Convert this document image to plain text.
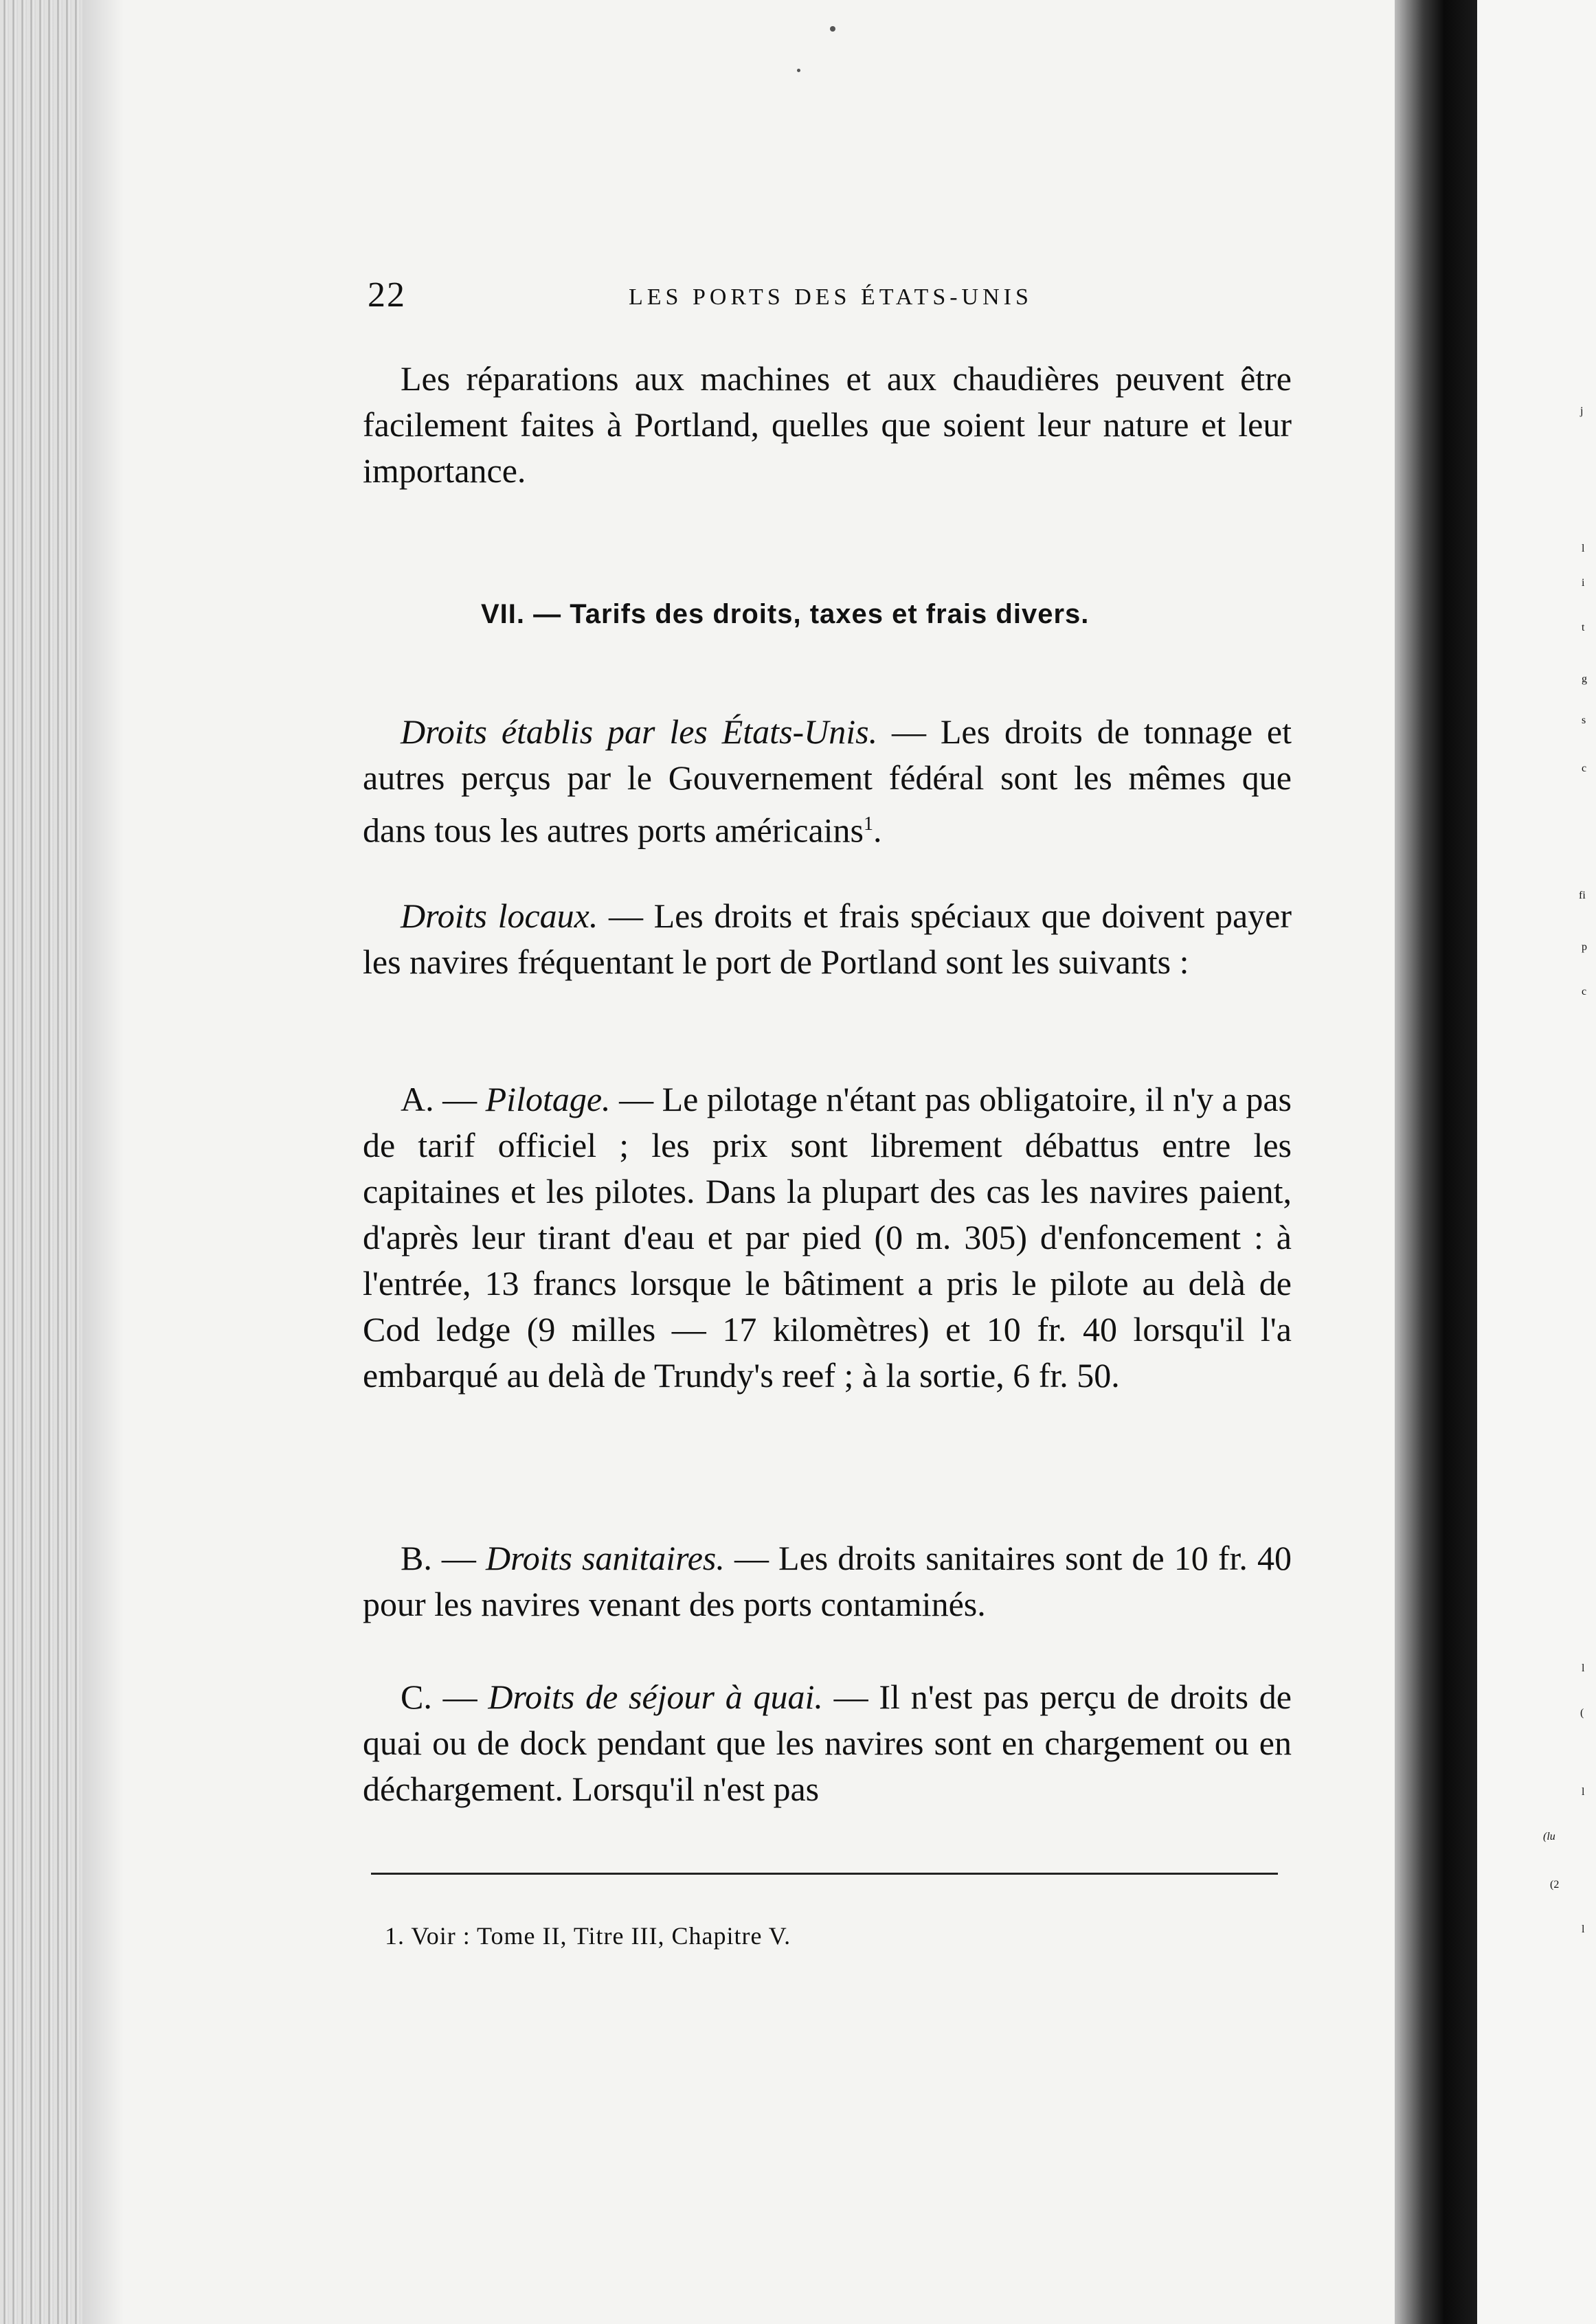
j
l
i
t
g
s
c
fi
p
c
l
(
l
(lu
(2
l
22	LES PORTS DES ÉTATS-UNIS

Les réparations aux machines et aux chaudières peuvent être facilement faites à Portland, quelles que soient leur nature et leur importance.

VII. — Tarifs des droits, taxes et frais divers.

Droits établis par les États-Unis. — Les droits de tonnage et autres perçus par le Gouvernement fédéral sont les mêmes que dans tous les autres ports américains$^1$.

Droits locaux. — Les droits et frais spéciaux que doivent payer les navires fréquentant le port de Portland sont les suivants :

A. — Pilotage. — Le pilotage n'étant pas obligatoire, il n'y a pas de tarif officiel ; les prix sont librement débattus entre les capitaines et les pilotes. Dans la plupart des cas les navires paient, d'après leur tirant d'eau et par pied (0 m. 305) d'enfoncement : à l'entrée, 13 francs lorsque le bâtiment a pris le pilote au delà de Cod ledge (9 milles — 17 kilomètres) et 10 fr. 40 lorsqu'il l'a embarqué au delà de Trundy's reef ; à la sortie, 6 fr. 50.

B. — Droits sanitaires. — Les droits sanitaires sont de 10 fr. 40 pour les navires venant des ports contaminés.

C. — Droits de séjour à quai. — Il n'est pas perçu de droits de quai ou de dock pendant que les navires sont en chargement ou en déchargement. Lorsqu'il n'est pas

1. Voir : Tome II, Titre III, Chapitre V.
